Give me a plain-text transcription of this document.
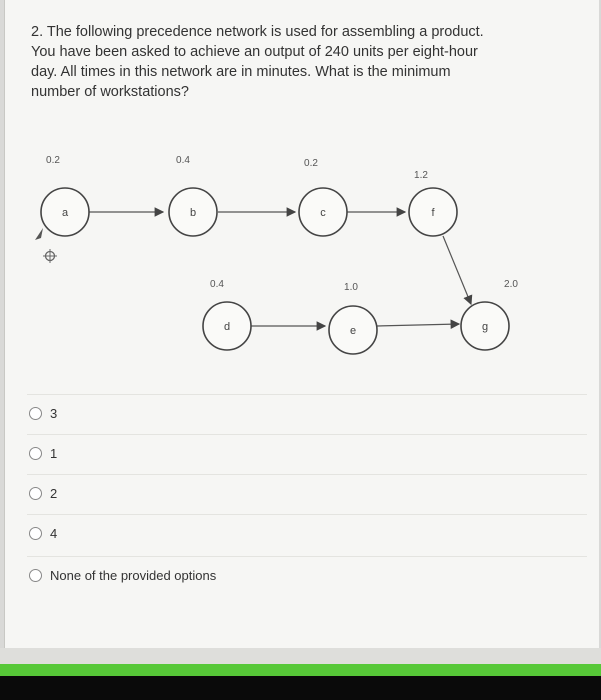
2. The following precedence network is used for assembling a product.
You have been asked to achieve an output of 240 units per eight-hour
day. All times in this network are in minutes. What is the minimum
number of workstations?
a
0.2
b
0.4
c
0.2
f
1.2
d
0.4
e
1.0
g
2.0
3
1
2
4
None of the provided options
